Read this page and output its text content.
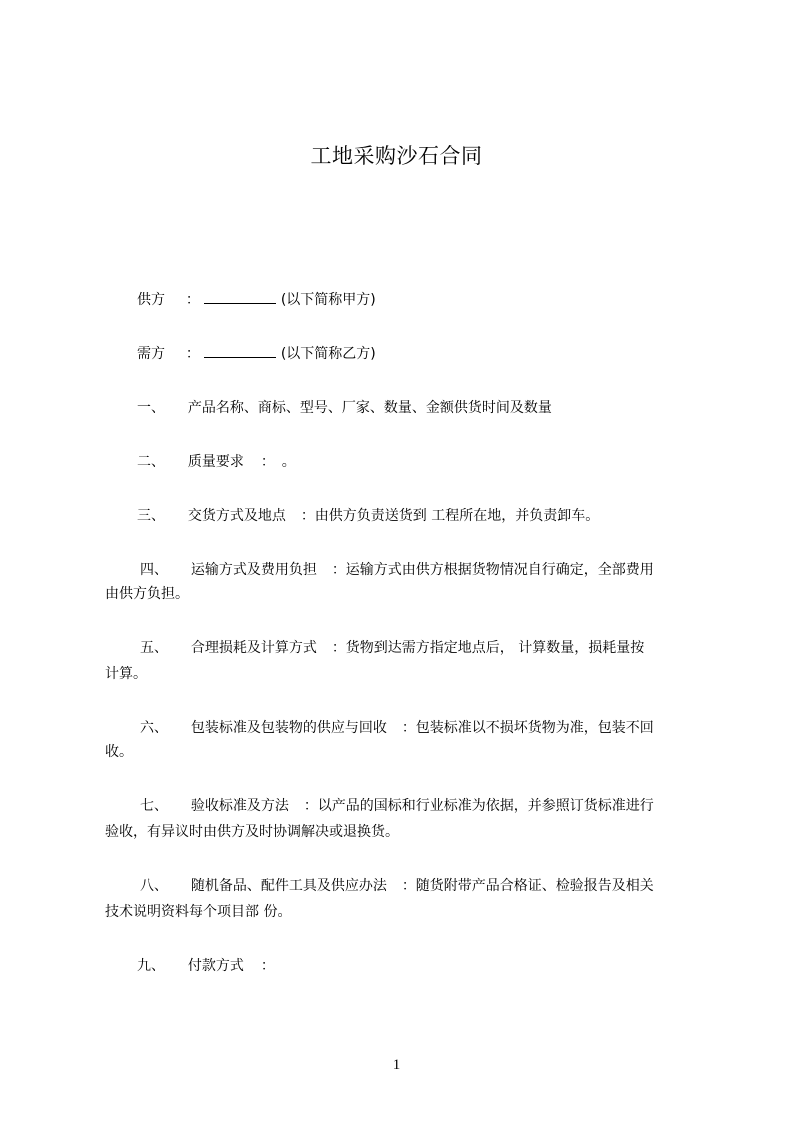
工地采购沙石合同
供方 ：	(以下简称甲方)
需方 ：	(以下简称乙方)
一、 产品名称、商标、型号、厂家、数量、金额供货时间及数量
二、 质量要求 ：　。
三、 交货方式及地点 ：由供方负责送货到 工程所在地，并负责卸车。
四、 运输方式及费用负担 ：运输方式由供方根据货物情况自行确定，全部费用
由供方负担。
五、 合理损耗及计算方式 ：货物到达需方指定地点后， 计算数量，损耗量按
计算。
六、 包装标准及包装物的供应与回收 ：包装标准以不损坏货物为准，包装不回
收。
七、 验收标准及方法 ：以产品的国标和行业标准为依据，并参照订货标准进行
验收，有异议时由供方及时协调解决或退换货。
八、 随机备品、配件工具及供应办法 ：随货附带产品合格证、检验报告及相关
技术说明资料每个项目部 份。
九、 付款方式 ：
1
